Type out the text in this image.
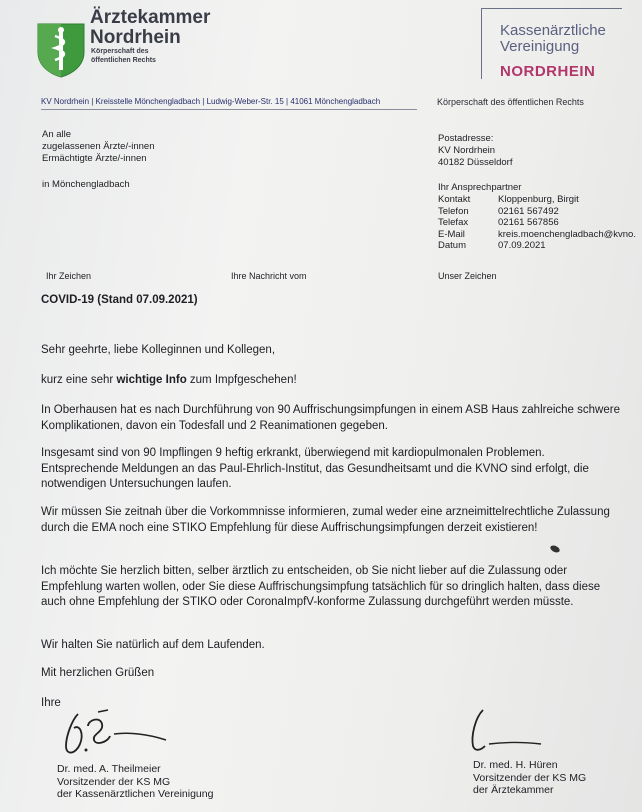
Ärztekammer
Nordrhein
Körperschaft des
öffentlichen Rechts
Kassenärztliche
Vereinigung
NORDRHEIN
KV Nordrhein | Kreisstelle Mönchengladbach | Ludwig-Weber-Str. 15 | 41061 Mönchengladbach	Körperschaft des öffentlichen Rechts
An alle
zugelassenen Ärzte/-innen
Ermächtigte Ärzte/-innen
in Mönchengladbach
Postadresse:
KV Nordrhein
40182 Düsseldorf
Ihr Ansprechpartner
Kontakt	Kloppenburg, Birgit
Telefon	02161 567492
Telefax	02161 567856
E-Mail	kreis.moenchengladbach@kvno.
Datum	07.09.2021
Ihr Zeichen	Ihre Nachricht vom	Unser Zeichen
COVID-19 (Stand 07.09.2021)

Sehr geehrte, liebe Kolleginnen und Kollegen,

kurz eine sehr wichtige Info zum Impfgeschehen!

In Oberhausen hat es nach Durchführung von 90 Auffrischungsimpfungen in einem ASB Haus zahlreiche schwere Komplikationen, davon ein Todesfall und 2 Reanimationen gegeben.

Insgesamt sind von 90 Impflingen 9 heftig erkrankt, überwiegend mit kardiopulmonalen Problemen. Entsprechende Meldungen an das Paul-Ehrlich-Institut, das Gesundheitsamt und die KVNO sind erfolgt, die notwendigen Untersuchungen laufen.

Wir müssen Sie zeitnah über die Vorkommnisse informieren, zumal weder eine arzneimittelrechtliche Zulassung durch die EMA noch eine STIKO Empfehlung für diese Auffrischungsimpfungen derzeit existieren!

Ich möchte Sie herzlich bitten, selber ärztlich zu entscheiden, ob Sie nicht lieber auf die Zulassung oder Empfehlung warten wollen, oder Sie diese Auffrischungsimpfung tatsächlich für so dringlich halten, dass diese auch ohne Empfehlung der STIKO oder CoronaImpfV-konforme Zulassung durchgeführt werden müsste.

Wir halten Sie natürlich auf dem Laufenden.

Mit herzlichen Grüßen

Ihre

Dr. med. A. Theilmeier
Vorsitzender der KS MG
der Kassenärztlichen Vereinigung
Dr. med. H. Hüren
Vorsitzender der KS MG
der Ärztekammer
